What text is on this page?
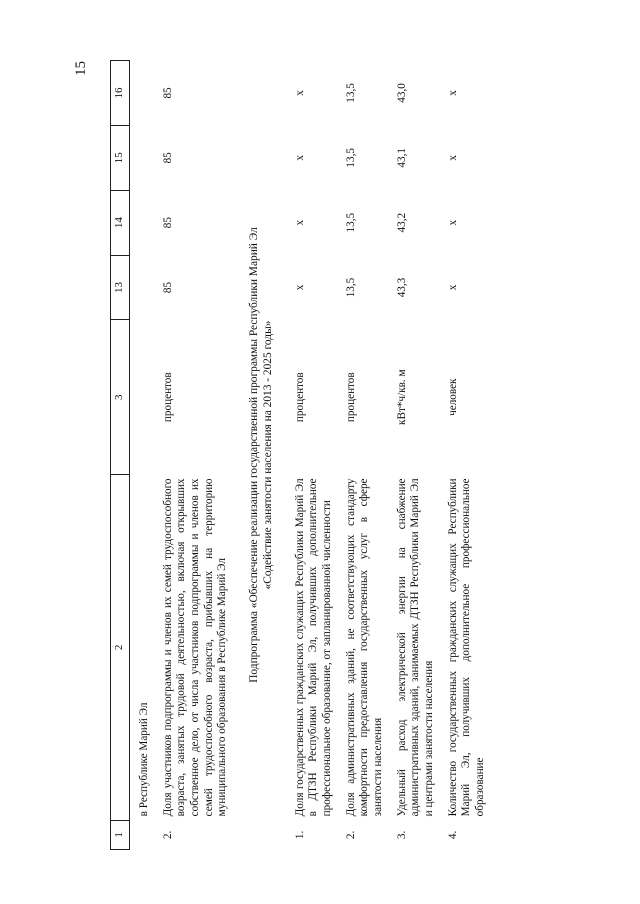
15
1	2	3	13	14	15	16
	в Республике Марий Эл					
2.	Доля участников подпрограммы и членов их семей трудоспособного возраста, занятых трудовой деятельностью, включая открывших собственное дело, от числа участников подпрограммы и членов их семей трудоспособного возраста, прибывших на территорию муниципального образования в Республике Марий Эл	процентов	85	85	85	85

Подпрограмма «Обеспечение реализации государственной программы Республики Марий Эл «Содействие занятости населения на 2013 - 2025 годы»						

1.	Доля государственных гражданских служащих Республики Марий Эл в ДТЗН Республики Марий Эл, получивших дополнительное профессиональное образование, от запланированной численности	процентов	x	x	x	x
2.	Доля административных зданий, не соответствующих стандарту комфортности предоставления государственных услуг в сфере занятости населения	процентов	13,5	13,5	13,5	13,5
3.	Удельный расход электрической энергии на снабжение административных зданий, занимаемых ДТЗН Республики Марий Эл и центрами занятости населения	кВт*ч/кв. м	43,3	43,2	43,1	43,0
4.	Количество государственных гражданских служащих Республики Марий Эл, получивших дополнительное профессиональное образование	человек	x	x	x	x
